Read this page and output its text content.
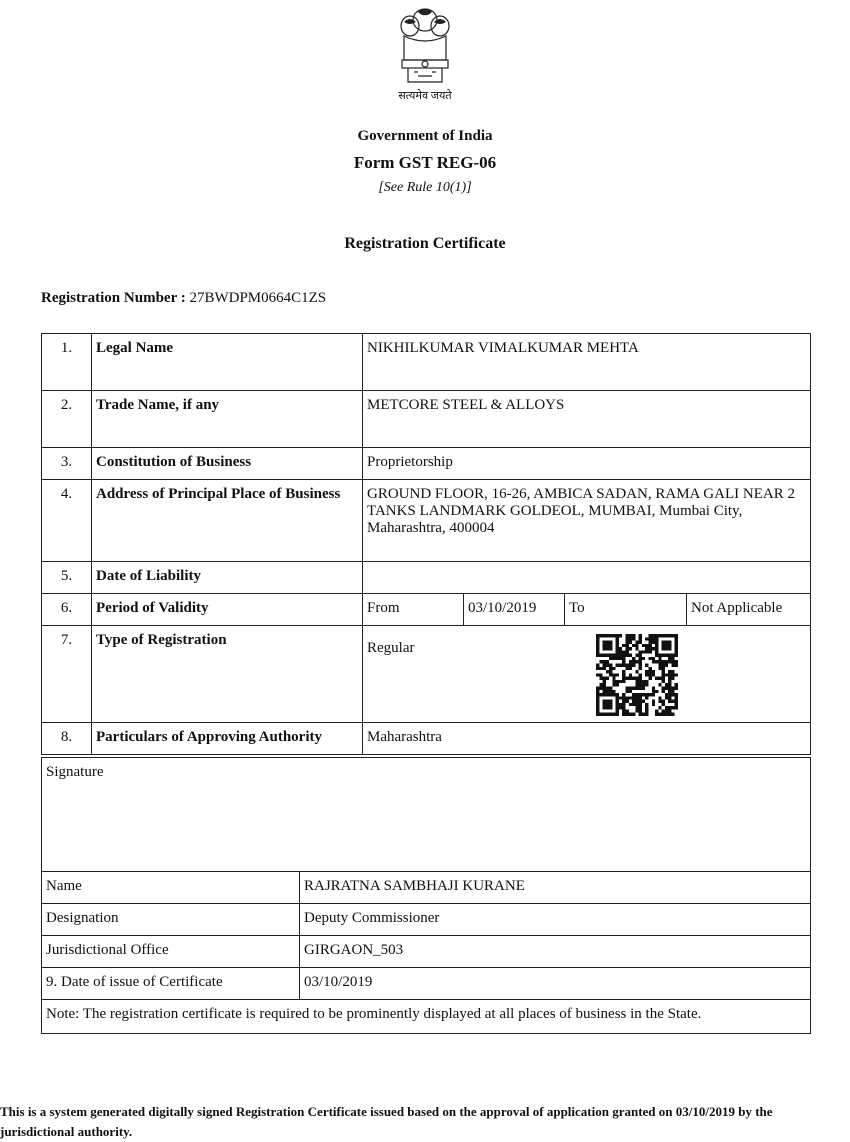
सत्यमेव जयते
Government of India
Form GST REG-06
[See Rule 10(1)]
Registration Certificate
Registration Number : 27BWDPM0664C1ZS
1.	Legal Name	NIKHILKUMAR VIMALKUMAR MEHTA			
2.	Trade Name, if any	METCORE STEEL & ALLOYS			
3.	Constitution of Business	Proprietorship			
4.	Address of Principal Place of Business	GROUND FLOOR, 16-26, AMBICA SADAN, RAMA GALI NEAR 2 TANKS LANDMARK GOLDEOL, MUMBAI, Mumbai City, Maharashtra, 400004			
5.	Date of Liability				
6.	Period of Validity	From	03/10/2019	To	Not Applicable
7.	Type of Registration	Regular			
8.	Particulars of Approving Authority	Maharashtra			
Signature	
Name	RAJRATNA SAMBHAJI KURANE
Designation	Deputy Commissioner
Jurisdictional Office	GIRGAON_503
9. Date of issue of Certificate	03/10/2019
Note: The registration certificate is required to be prominently displayed at all places of business in the State.	
This is a system generated digitally signed Registration Certificate issued based on the approval of application granted on 03/10/2019 by the jurisdictional authority.
